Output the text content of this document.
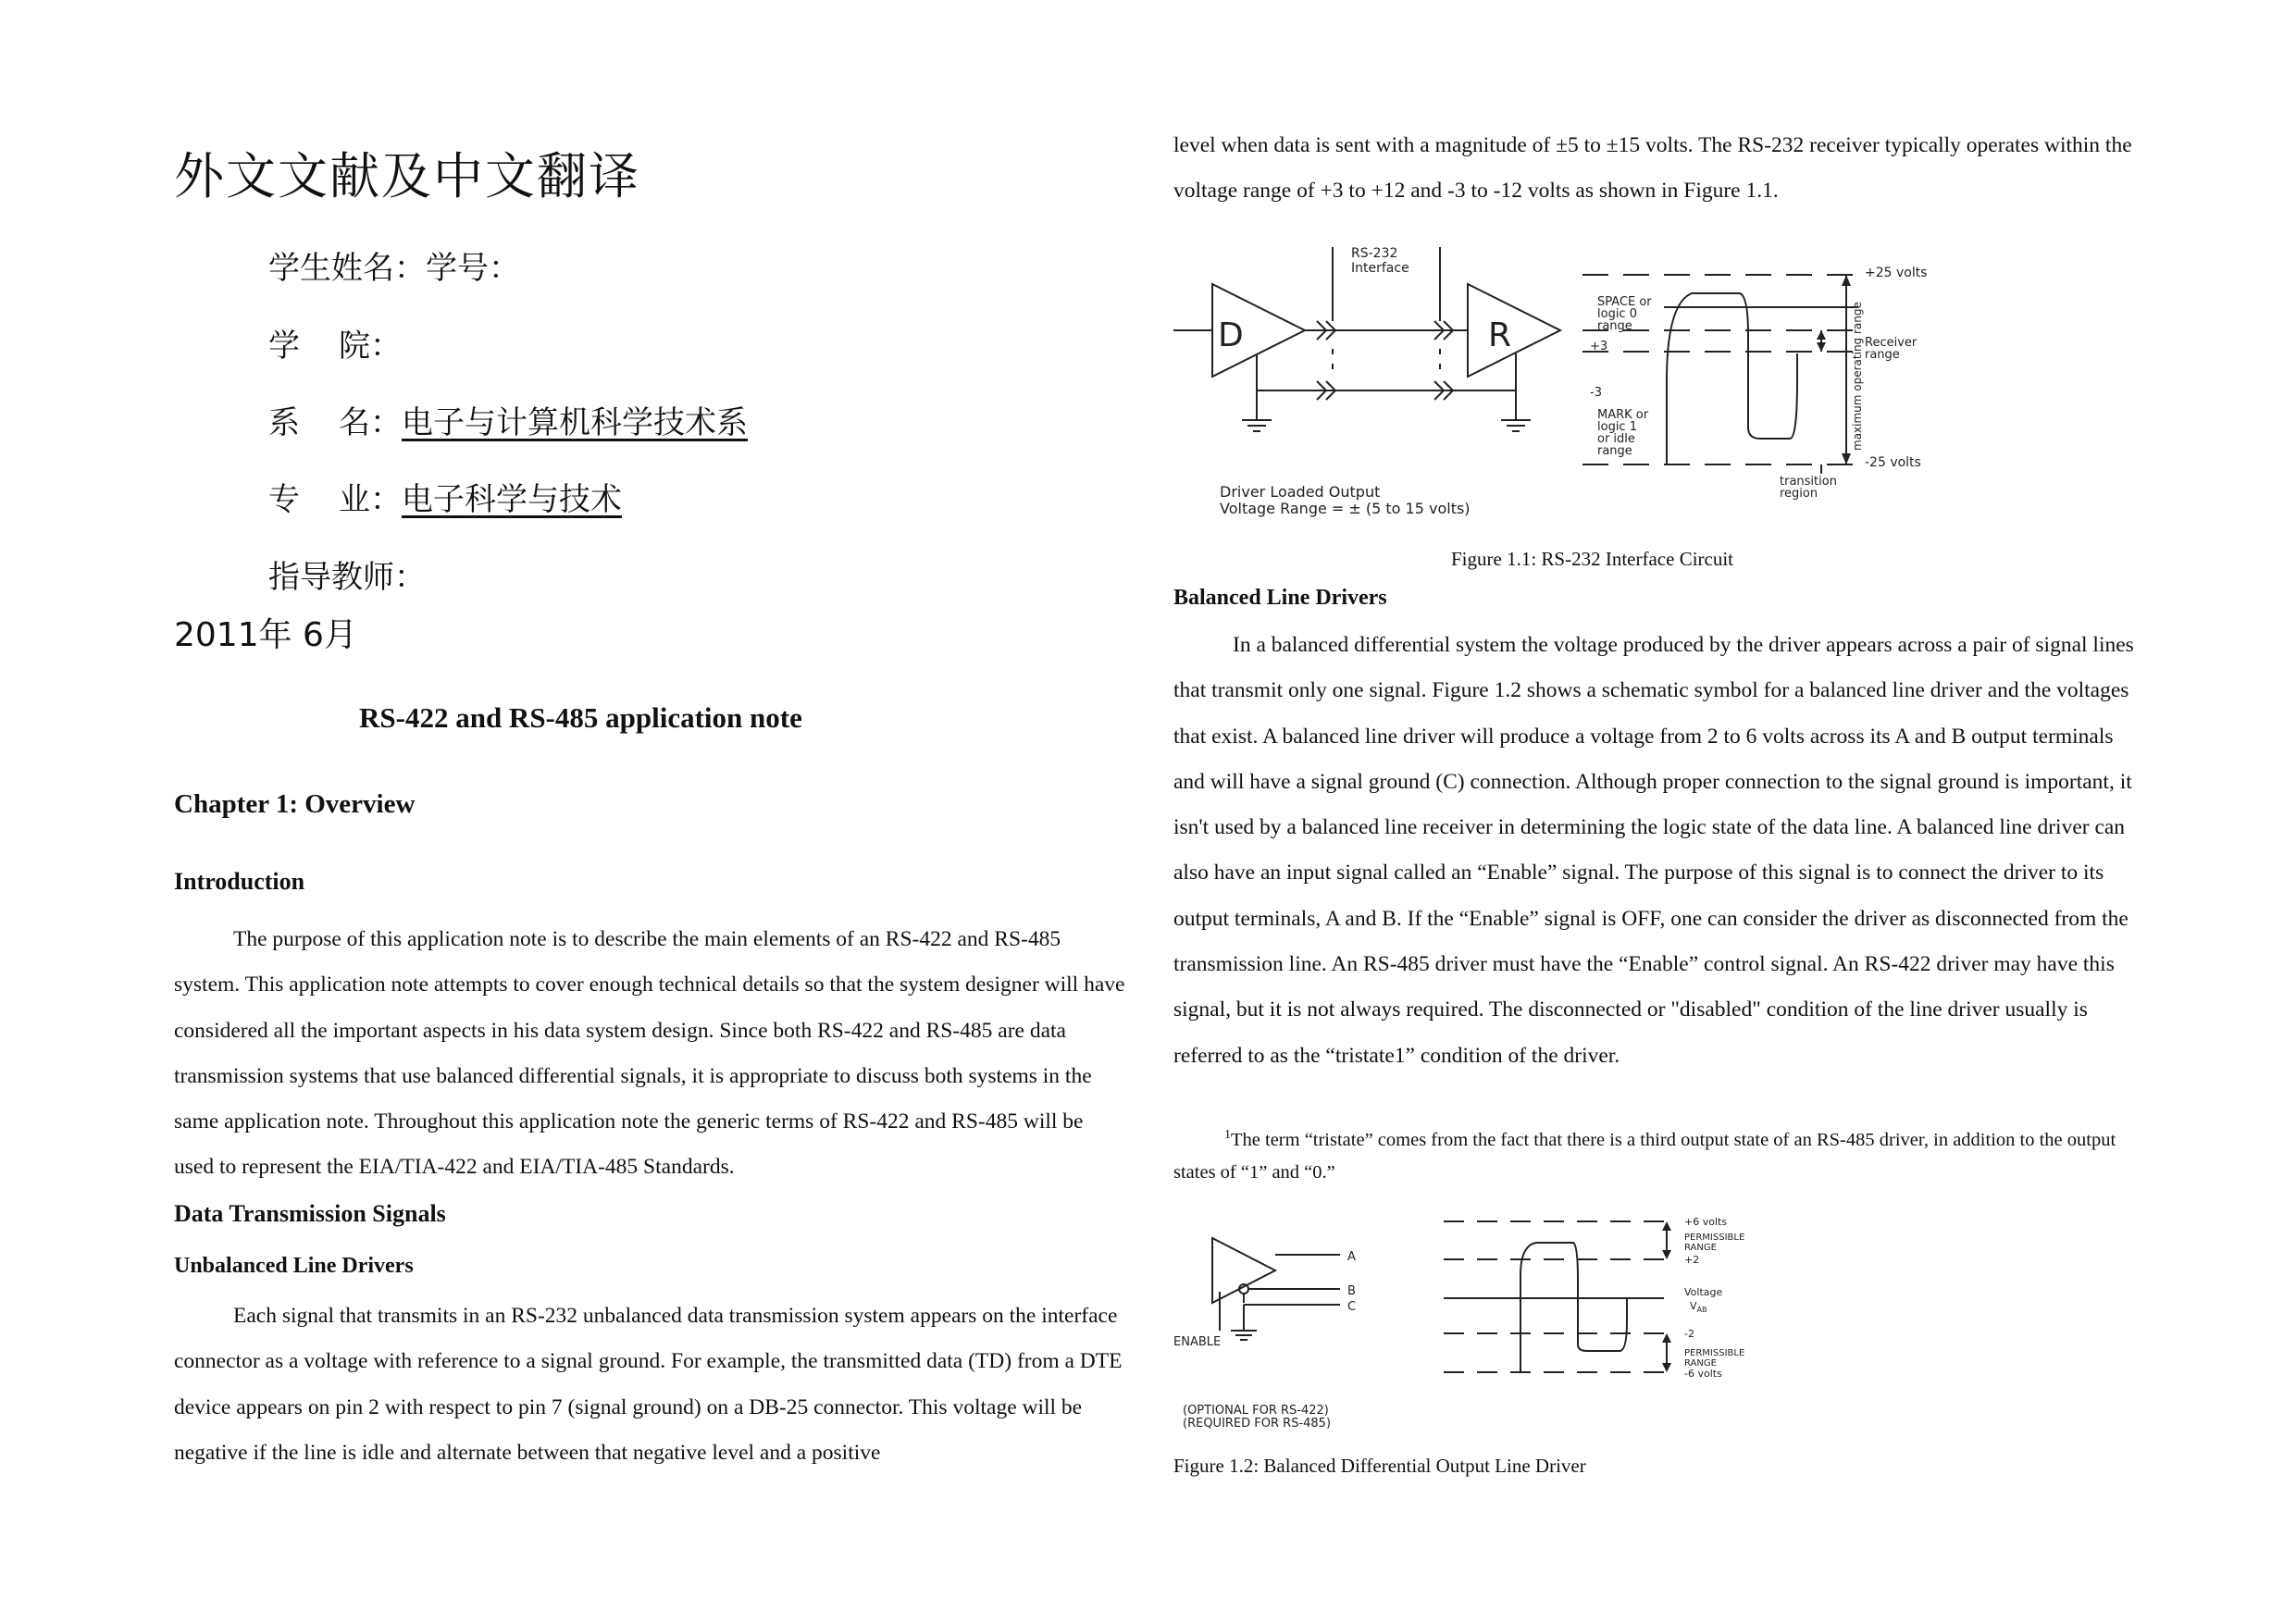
外文文献及中文翻译
学生姓名：学号：
学 院 ：
系 名 ：电子与计算机科学技术系
专 业 ：电子科学与技术
指导教师：
2011年 6月
RS-422 and RS-485 application note
Chapter 1: Overview
Introduction

The purpose of this application note is to describe the main elements of an RS-422 and RS-485 system. This application note attempts to cover enough technical details so that the system designer will have considered all the important aspects in his data system design. Since both RS-422 and RS-485 are data transmission systems that use balanced differential signals, it is appropriate to discuss both systems in the same application note. Throughout this application note the generic terms of RS-422 and RS-485 will be used to represent the EIA/TIA-422 and EIA/TIA-485 Standards.

Data Transmission Signals
Unbalanced Line Drivers

Each signal that transmits in an RS-232 unbalanced data transmission system appears on the interface connector as a voltage with reference to a signal ground. For example, the transmitted data (TD) from a DTE device appears on pin 2 with respect to pin 7 (signal ground) on a DB-25 connector. This voltage will be negative if the line is idle and alternate between that negative level and a positive

level when data is sent with a magnitude of ±5 to ±15 volts. The RS-232 receiver typically operates within the voltage range of +3 to +12 and -3 to -12 volts as shown in Figure 1.1.

D	R
RS-232
Interface
SPACE or
logic 0
range
+3
-3
MARK or
logic 1
or idle
range
+25 volts
-25 volts
Receiver
range
maximum operating range
transition
region
Driver Loaded Output
Voltage Range = ± (5 to 15 volts)
Figure 1.1: RS-232 Interface Circuit
Balanced Line Drivers

In a balanced differential system the voltage produced by the driver appears across a pair of signal lines that transmit only one signal. Figure 1.2 shows a schematic symbol for a balanced line driver and the voltages that exist. A balanced line driver will produce a voltage from 2 to 6 volts across its A and B output terminals and will have a signal ground (C) connection. Although proper connection to the signal ground is important, it isn't used by a balanced line receiver in determining the logic state of the data line. A balanced line driver can also have an input signal called an “Enable” signal. The purpose of this signal is to connect the driver to its output terminals, A and B. If the “Enable” signal is OFF, one can consider the driver as disconnected from the transmission line. An RS-485 driver must have the “Enable” control signal. An RS-422 driver may have this signal, but it is not always required. The disconnected or "disabled" condition of the line driver usually is referred to as the “tristate1” condition of the driver.

$^1$The term “tristate” comes from the fact that there is a third output state of an RS-485 driver, in addition to the output states of “1” and “0.”

A
B
C
ENABLE
(OPTIONAL FOR RS-422)
(REQUIRED FOR RS-485)
+6 volts
PERMISSIBLE
RANGE
+2
Voltage
$V_{AB}$
-2
PERMISSIBLE
RANGE
-6 volts
Figure 1.2: Balanced Differential Output Line Driver
